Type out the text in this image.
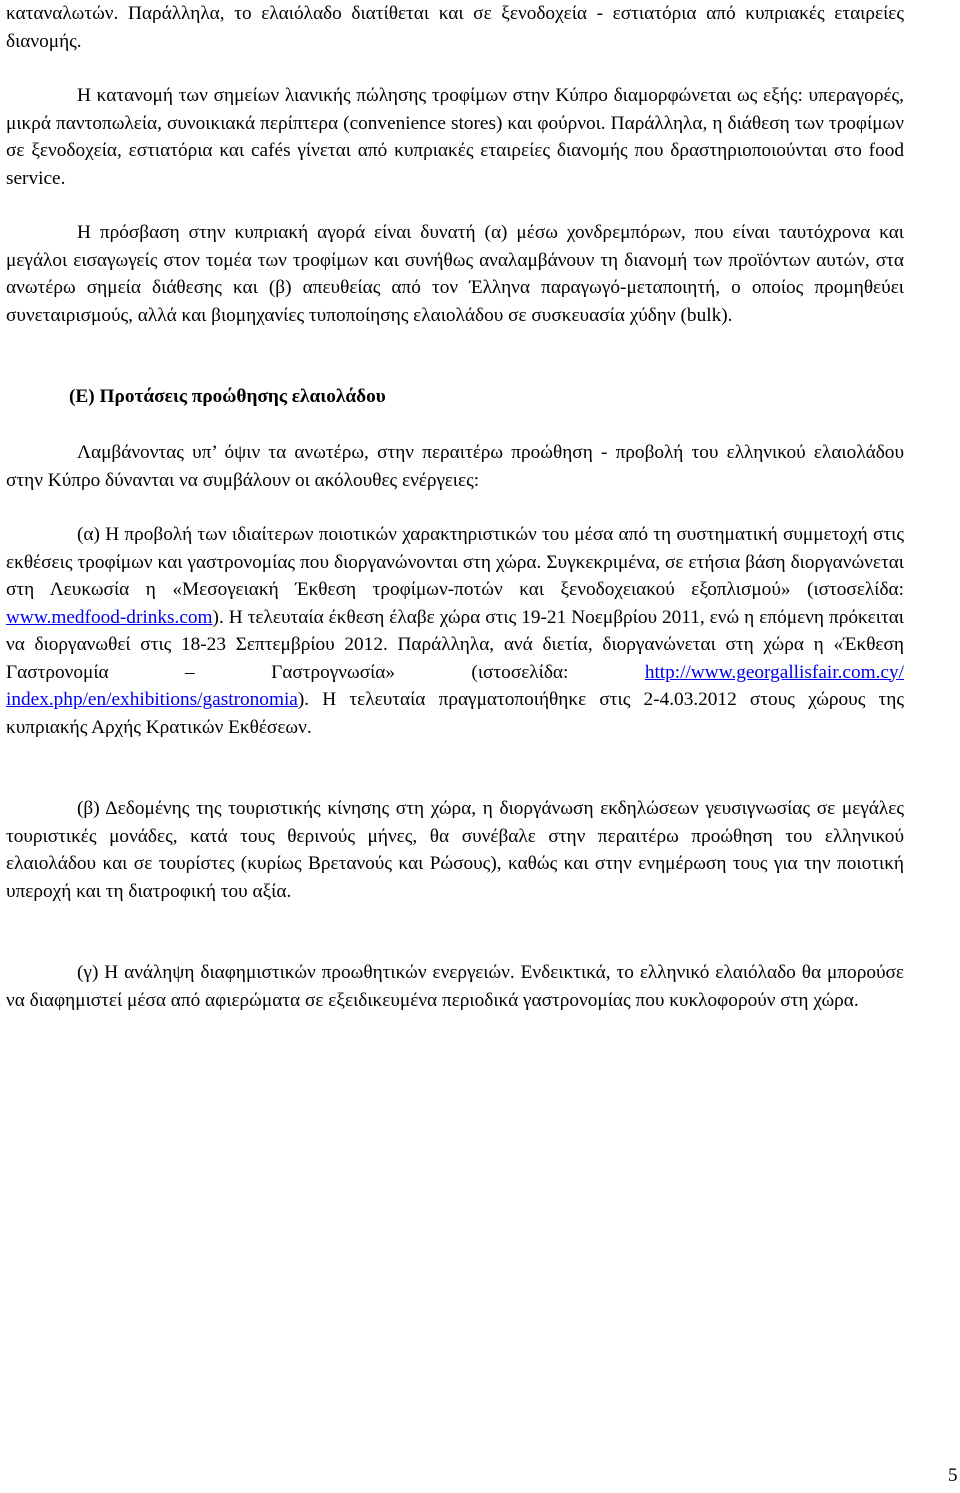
καταναλωτών. Παράλληλα, το ελαιόλαδο διατίθεται και σε ξενοδοχεία - εστιατόρια από κυπριακές εταιρείες διανομής.

Η κατανομή των σημείων λιανικής πώλησης τροφίμων στην Κύπρο διαμορφώνεται ως εξής: υπεραγορές, μικρά παντοπωλεία, συνοικιακά περίπτερα (convenience stores) και φούρνοι. Παράλληλα, η διάθεση των τροφίμων σε ξενοδοχεία, εστιατόρια και cafés γίνεται από κυπριακές εταιρείες διανομής που δραστηριοποιούνται στο food service.

Η πρόσβαση στην κυπριακή αγορά είναι δυνατή (α) μέσω χονδρεμπόρων, που είναι ταυτόχρονα και μεγάλοι εισαγωγείς στον τομέα των τροφίμων και συνήθως αναλαμβάνουν τη διανομή των προϊόντων αυτών, στα ανωτέρω σημεία διάθεσης και (β) απευθείας από τον Έλληνα παραγωγό-μεταποιητή, ο οποίος προμηθεύει συνεταιρισμούς, αλλά και βιομηχανίες τυποποίησης ελαιολάδου σε συσκευασία χύδην (bulk).

(Ε) Προτάσεις προώθησης ελαιολάδου

Λαμβάνοντας υπ’ όψιν τα ανωτέρω, στην περαιτέρω προώθηση - προβολή του ελληνικού ελαιολάδου στην Κύπρο δύνανται να συμβάλουν οι ακόλουθες ενέργειες:

(α) Η προβολή των ιδιαίτερων ποιοτικών χαρακτηριστικών του μέσα από τη συστηματική συμμετοχή στις εκθέσεις τροφίμων και γαστρονομίας που διοργανώνονται στη χώρα. Συγκεκριμένα, σε ετήσια βάση διοργανώνεται στη Λευκωσία η «Μεσογειακή Έκθεση τροφίμων-ποτών και ξενοδοχειακού εξοπλισμού» (ιστοσελίδα: www.medfood-drinks.com). Η τελευταία έκθεση έλαβε χώρα στις 19-21 Νοεμβρίου 2011, ενώ η επόμενη πρόκειται να διοργανωθεί στις 18-23 Σεπτεμβρίου 2012. Παράλληλα, ανά διετία, διοργανώνεται στη χώρα η «Έκθεση Γαστρονομία – Γαστρογνωσία» (ιστοσελίδα: http://www.georgallisfair.com.cy/ index.php/en/exhibitions/gastronomia). Η τελευταία πραγματοποιήθηκε στις 2-4.03.2012 στους χώρους της κυπριακής Αρχής Κρατικών Εκθέσεων.

(β) Δεδομένης της τουριστικής κίνησης στη χώρα, η διοργάνωση εκδηλώσεων γευσιγνωσίας σε μεγάλες τουριστικές μονάδες, κατά τους θερινούς μήνες, θα συνέβαλε στην περαιτέρω προώθηση του ελληνικού ελαιολάδου και σε τουρίστες (κυρίως Βρετανούς και Ρώσους), καθώς και στην ενημέρωση τους για την ποιοτική υπεροχή και τη διατροφική του αξία.

(γ) Η ανάληψη διαφημιστικών προωθητικών ενεργειών. Ενδεικτικά, το ελληνικό ελαιόλαδο θα μπορούσε να διαφημιστεί μέσα από αφιερώματα σε εξειδικευμένα περιοδικά γαστρονομίας που κυκλοφορούν στη χώρα.

5
